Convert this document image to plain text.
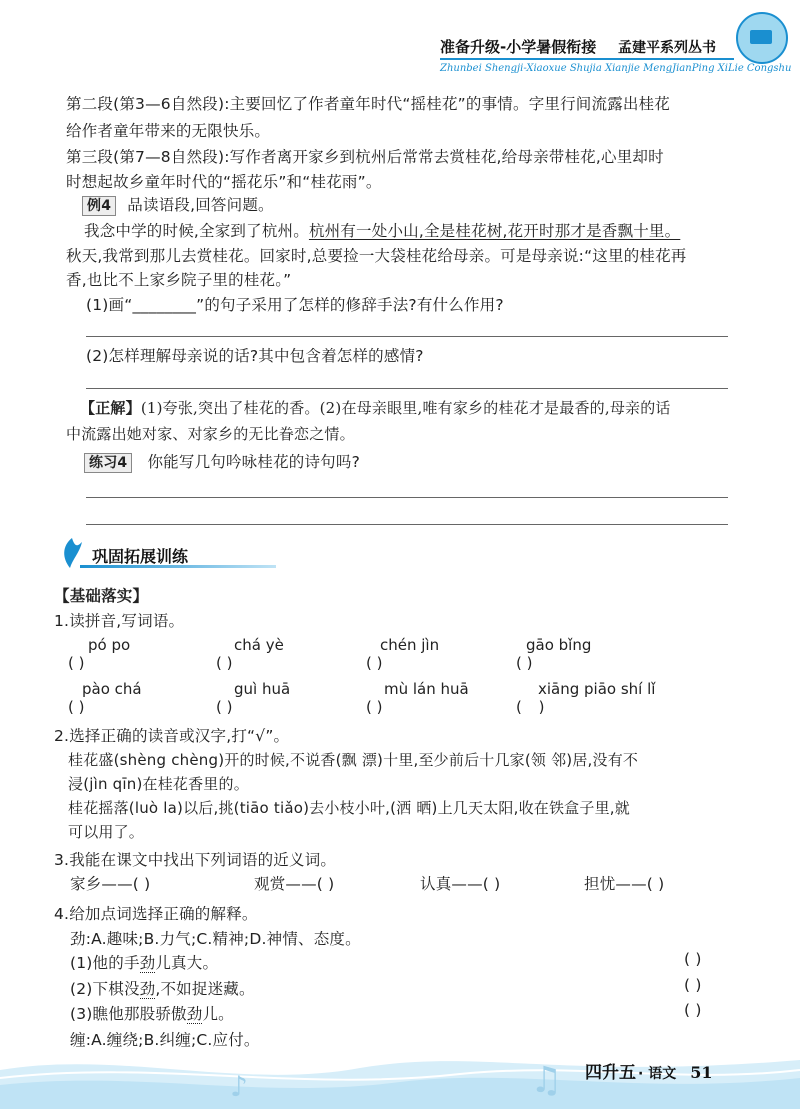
准备升级-小学暑假衔接 孟建平系列丛书
Zhunbei Shengji-Xiaoxue Shujia Xianjie MengJianPing XiLie Congshu
第二段(第3—6自然段):主要回忆了作者童年时代“摇桂花”的事情。字里行间流露出桂花
给作者童年带来的无限快乐。
第三段(第7—8自然段):写作者离开家乡到杭州后常常去赏桂花,给母亲带桂花,心里却时
时想起故乡童年时代的“摇花乐”和“桂花雨”。
例4 品读语段,回答问题。
我念中学的时候,全家到了杭州。杭州有一处小山,全是桂花树,花开时那才是香飘十里。
秋天,我常到那儿去赏桂花。回家时,总要捡一大袋桂花给母亲。可是母亲说:“这里的桂花再
香,也比不上家乡院子里的桂花。”
(1)画“________”的句子采用了怎样的修辞手法?有什么作用?
(2)怎样理解母亲说的话?其中包含着怎样的感情?
【正解】(1)夸张,突出了桂花的香。(2)在母亲眼里,唯有家乡的桂花才是最香的,母亲的话
中流露出她对家、对家乡的无比眷恋之情。
练习4 你能写几句吟咏桂花的诗句吗?
巩固拓展训练
【基础落实】
1.读拼音,写词语。
pó po	chá yè	chén jìn	gāo bǐng
( )	( )	( )	( )
pào chá	guì huā	mù lán huā	xiāng piāo shí lǐ
( )	( )	( )	( )
2.选择正确的读音或汉字,打“√”。
桂花盛(shèng chèng)开的时候,不说香(飘 漂)十里,至少前后十几家(领 邻)居,没有不
浸(jìn qīn)在桂花香里的。
桂花摇落(luò la)以后,挑(tiāo tiǎo)去小枝小叶,(洒 晒)上几天太阳,收在铁盒子里,就
可以用了。
3.我能在课文中找出下列词语的近义词。
家乡——( )	观赏——( )	认真——( )	担忧——( )
4.给加点词选择正确的解释。
劲:A.趣味;B.力气;C.精神;D.神情、态度。
(1)他的手劲儿真大。	( )
(2)下棋没劲,不如捉迷藏。	( )
(3)瞧他那股骄傲劲儿。	( )
缠:A.缠绕;B.纠缠;C.应付。
♪	♫ 四升五 · 语文 51
